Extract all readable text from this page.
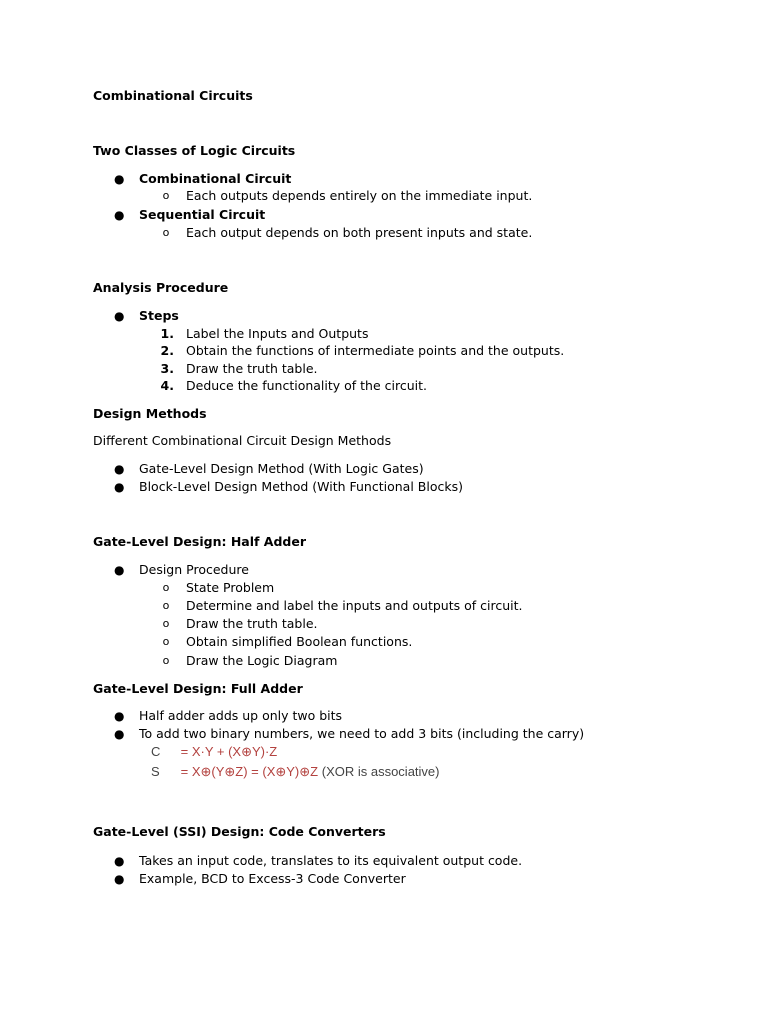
Combinational Circuits
Two Classes of Logic Circuits
● Combinational Circuit
o Each outputs depends entirely on the immediate input.
● Sequential Circuit
o Each output depends on both present inputs and state.
Analysis Procedure
● Steps
1. Label the Inputs and Outputs
2. Obtain the functions of intermediate points and the outputs.
3. Draw the truth table.
4. Deduce the functionality of the circuit.
Design Methods
Different Combinational Circuit Design Methods
● Gate-Level Design Method (With Logic Gates)
● Block-Level Design Method (With Functional Blocks)
Gate-Level Design: Half Adder
● Design Procedure
o State Problem
o Determine and label the inputs and outputs of circuit.
o Draw the truth table.
o Obtain simplified Boolean functions.
o Draw the Logic Diagram
Gate-Level Design: Full Adder
● Half adder adds up only two bits
● To add two binary numbers, we need to add 3 bits (including the carry)
C = X·Y + (X⊕Y)·Z
S = X⊕(Y⊕Z) = (X⊕Y)⊕Z (XOR is associative)
Gate-Level (SSI) Design: Code Converters
● Takes an input code, translates to its equivalent output code.
● Example, BCD to Excess-3 Code Converter
